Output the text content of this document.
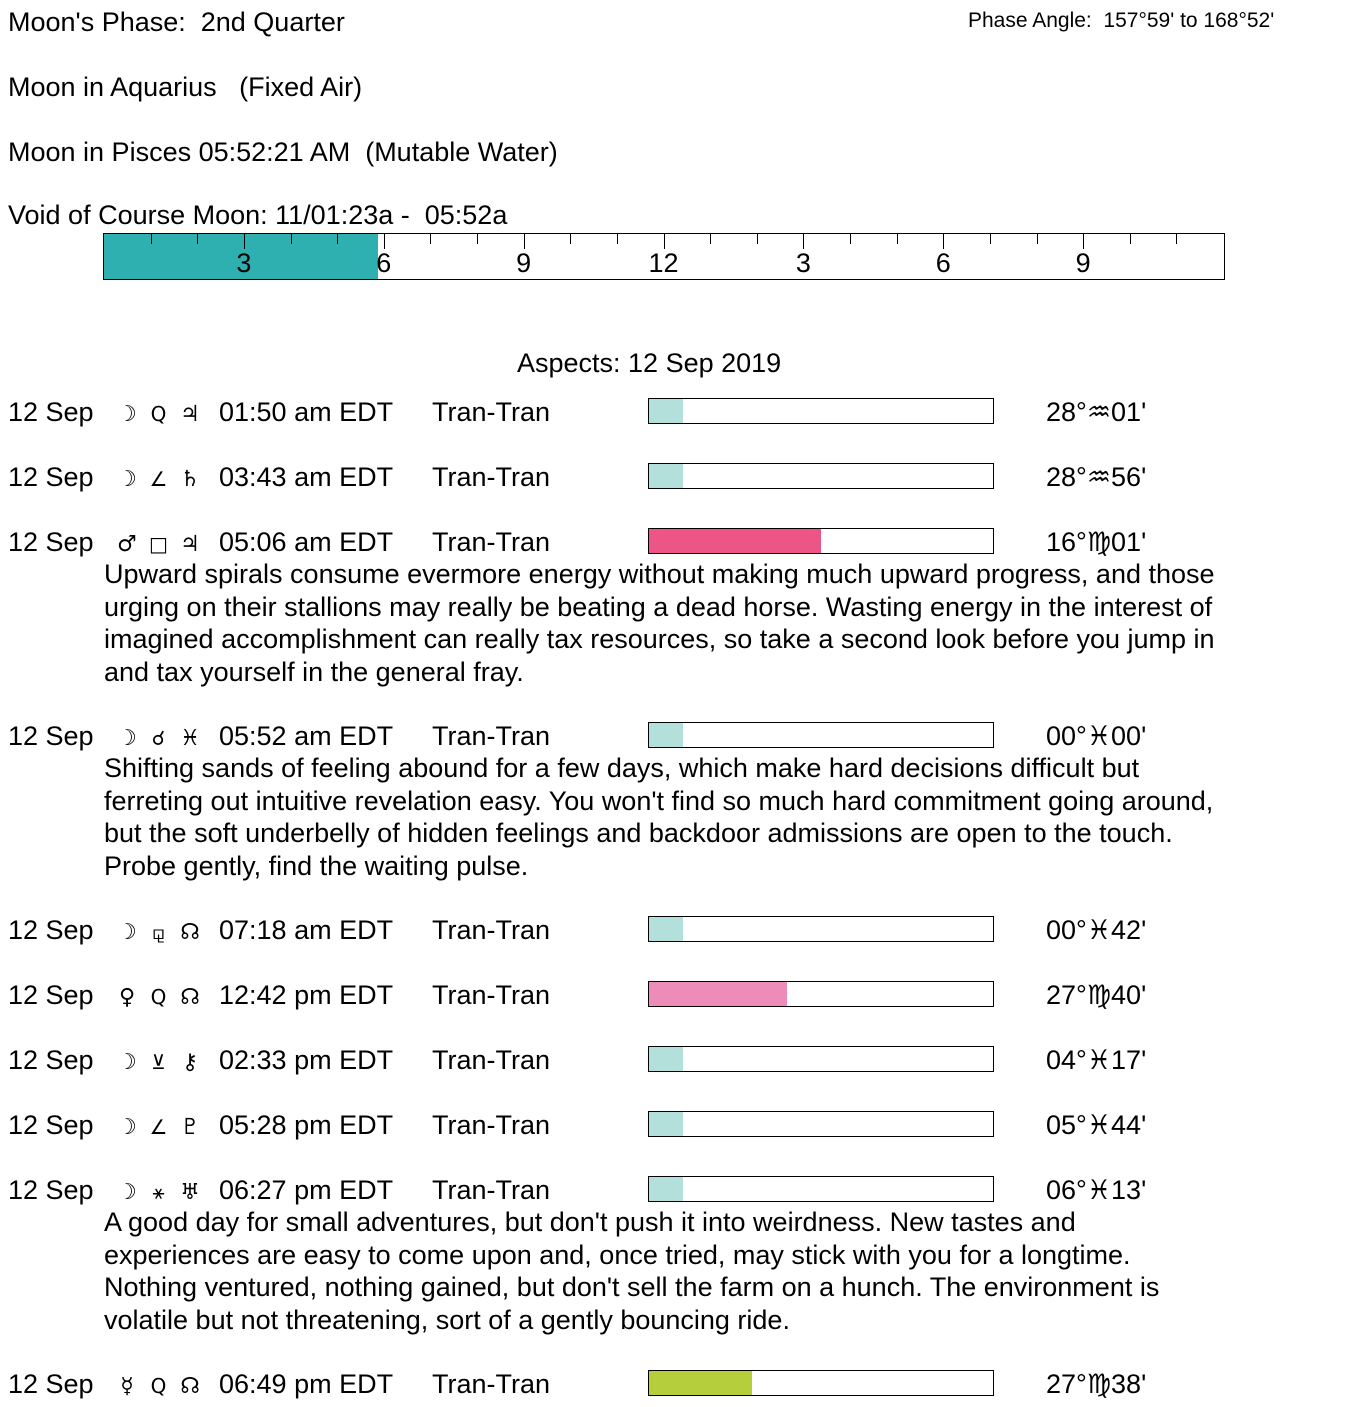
Moon's Phase:  2nd Quarter	Phase Angle:  157°59' to 168°52'
Moon in Aquarius   (Fixed Air)
Moon in Pisces 05:52:21 AM  (Mutable Water)
Void of Course Moon: 11/01:23a -  05:52a
3	6	9	12	3	6	9
Aspects: 12 Sep 2019
12 Sep ☽ Q ♃ 01:50 am EDT Tran-Tran	28°♒01'
12 Sep ☽ ∠ ♄ 03:43 am EDT Tran-Tran	28°♒56'
12 Sep ♂ □ ♃ 05:06 am EDT Tran-Tran	16°♍01'
Upward spirals consume evermore energy without making much upward progress, and those
urging on their stallions may really be beating a dead horse. Wasting energy in the interest of
imagined accomplishment can really tax resources, so take a second look before you jump in
and tax yourself in the general fray.
12 Sep ☽ ☌ ♓ 05:52 am EDT Tran-Tran	00°♓00'
Shifting sands of feeling abound for a few days, which make hard decisions difficult but
ferreting out intuitive revelation easy. You won't find so much hard commitment going around,
but the soft underbelly of hidden feelings and backdoor admissions are open to the touch.
Probe gently, find the waiting pulse.
12 Sep ☽ ⚼ ☊ 07:18 am EDT Tran-Tran	00°♓42'
12 Sep	♀ Q ☊ 12:42 pm EDT Tran-Tran	27°♍40'
12 Sep ☽ ⊻ ⚷ 02:33 pm EDT Tran-Tran	04°♓17'
12 Sep ☽ ∠ ♇ 05:28 pm EDT Tran-Tran	05°♓44'
12 Sep ☽ ⚹ ♅ 06:27 pm EDT Tran-Tran	06°♓13'
A good day for small adventures, but don't push it into weirdness. New tastes and
experiences are easy to come upon and, once tried, may stick with you for a longtime.
Nothing ventured, nothing gained, but don't sell the farm on a hunch. The environment is
volatile but not threatening, sort of a gently bouncing ride.
12 Sep	☿ Q ☊ 06:49 pm EDT Tran-Tran	27°♍38'
